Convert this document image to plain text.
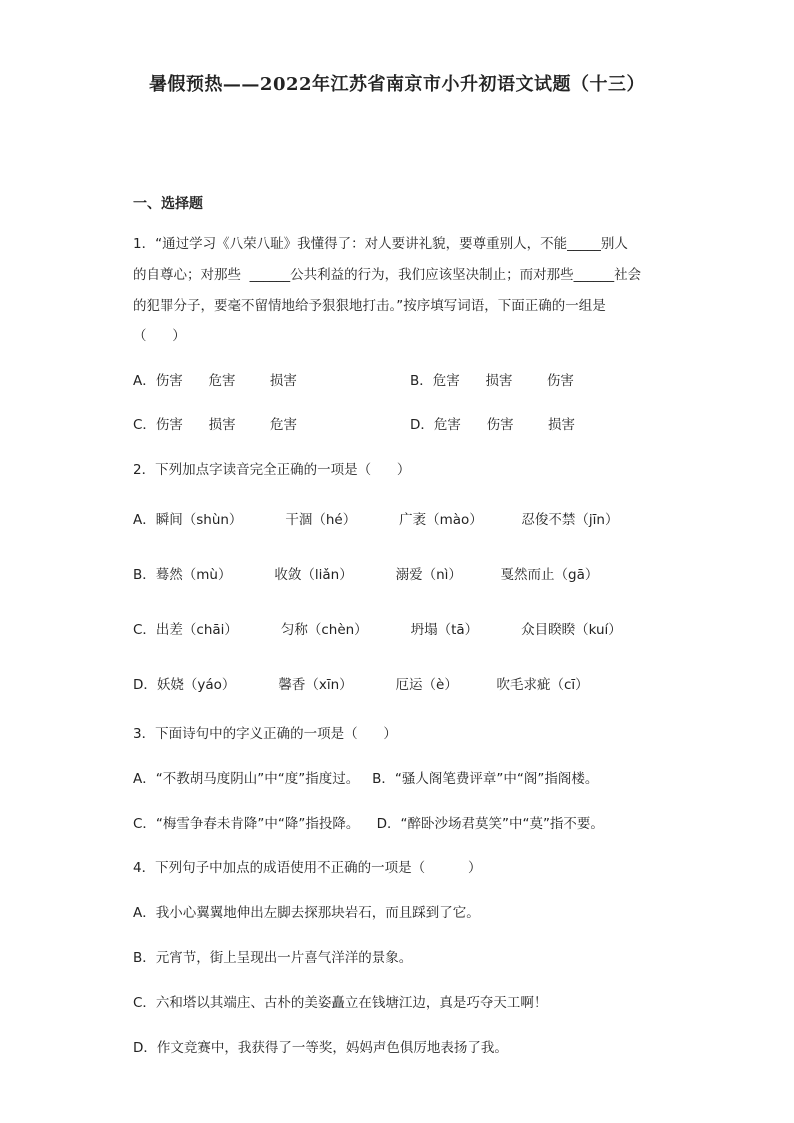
暑假预热——2022年江苏省南京市小升初语文试题（十三）
一、选择题
1．“通过学习《八荣八耻》我懂得了：对人要讲礼貌，要尊重别人，不能_____别人
的自尊心；对那些  ______公共利益的行为，我们应该坚决制止；而对那些______社会
的犯罪分子，要毫不留情地给予狠狠地打击。”按序填写词语，下面正确的一组是
（      ）
A．伤害      危害        损害	B．危害      损害        伤害
C．伤害      损害        危害	D．危害      伤害        损害
2．下列加点字读音完全正确的一项是（      ）
A．瞬间（shùn）          干涸（hé）          广袤（mào）         忍俊不禁（jīn）
B．蓦然（mù）          收敛（liǎn）          溺爱（nì）         戛然而止（gā）
C．出差（chāi）          匀称（chèn）          坍塌（tā）          众目睽睽（kuí）
D．妖娆（yáo）          馨香（xīn）          厄运（è）         吹毛求疵（cī）
3．下面诗句中的字义正确的一项是（      ）
A．“不教胡马度阴山”中“度”指度过。   B．“骚人阁笔费评章”中“阁”指阁楼。
C．“梅雪争春未肯降”中“降”指投降。    D．“醉卧沙场君莫笑”中“莫”指不要。
4．下列句子中加点的成语使用不正确的一项是（          ）
A．我小心翼翼地伸出左脚去探那块岩石，而且踩到了它。
B．元宵节，街上呈现出一片喜气洋洋的景象。
C．六和塔以其端庄、古朴的美姿矗立在钱塘江边，真是巧夺天工啊！
D．作文竞赛中，我获得了一等奖，妈妈声色俱厉地表扬了我。
